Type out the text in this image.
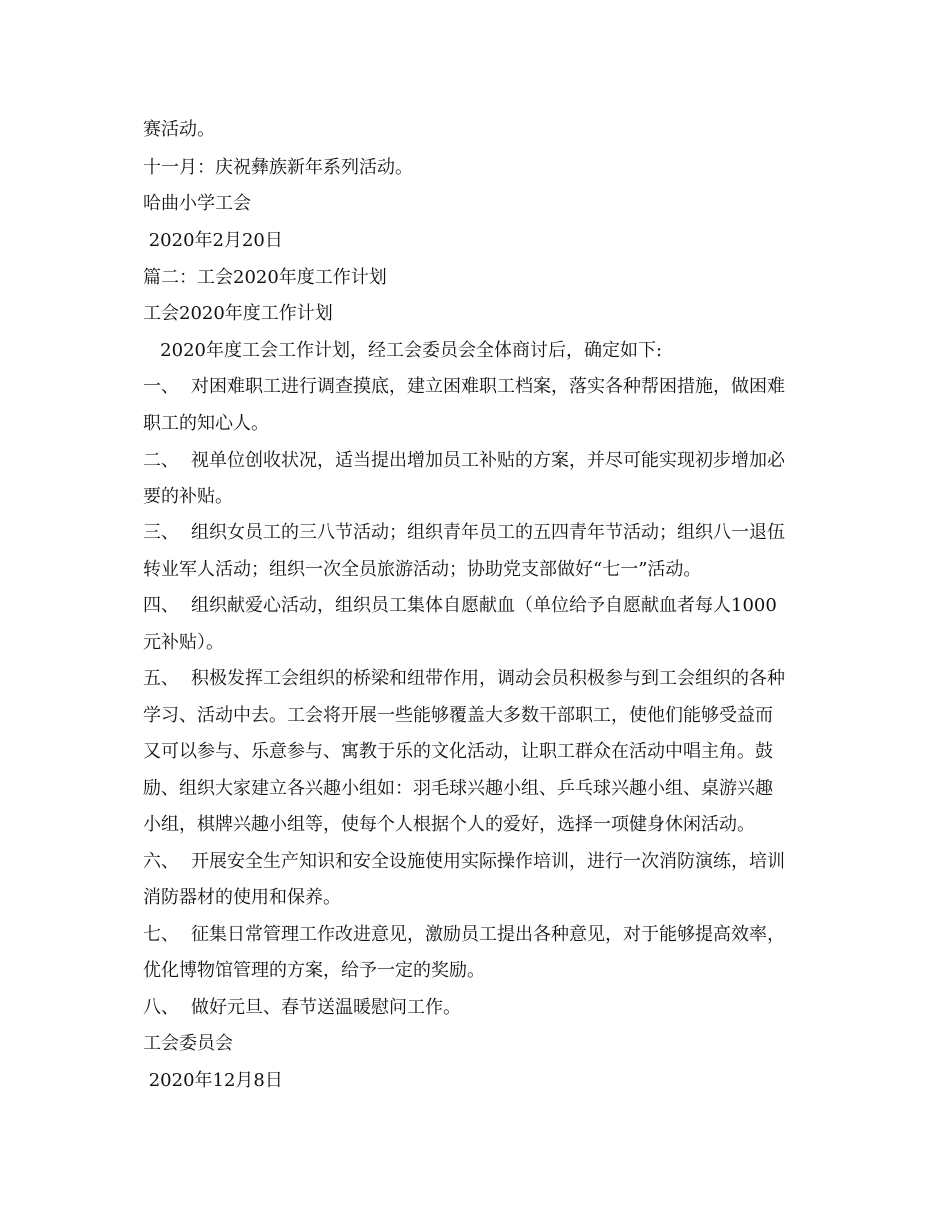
赛活动。
十一月：庆祝彝族新年系列活动。
哈曲小学工会
2020年2月20日
篇二：工会2020年度工作计划
工会2020年度工作计划
2020年度工会工作计划，经工会委员会全体商讨后，确定如下:
一、 对困难职工进行调查摸底，建立困难职工档案，落实各种帮困措施，做困难
职工的知心人。
二、 视单位创收状况，适当提出增加员工补贴的方案，并尽可能实现初步增加必
要的补贴。
三、 组织女员工的三八节活动；组织青年员工的五四青年节活动；组织八一退伍
转业军人活动；组织一次全员旅游活动；协助党支部做好“七一”活动。
四、 组织献爱心活动，组织员工集体自愿献血（单位给予自愿献血者每人1000
元补贴）。
五、 积极发挥工会组织的桥梁和纽带作用，调动会员积极参与到工会组织的各种
学习、活动中去。工会将开展一些能够覆盖大多数干部职工，使他们能够受益而
又可以参与、乐意参与、寓教于乐的文化活动，让职工群众在活动中唱主角。鼓
励、组织大家建立各兴趣小组如：羽毛球兴趣小组、乒乓球兴趣小组、桌游兴趣
小组，棋牌兴趣小组等，使每个人根据个人的爱好，选择一项健身休闲活动。
六、 开展安全生产知识和安全设施使用实际操作培训，进行一次消防演练，培训
消防器材的使用和保养。
七、 征集日常管理工作改进意见，激励员工提出各种意见，对于能够提高效率，
优化博物馆管理的方案，给予一定的奖励。
八、 做好元旦、春节送温暖慰问工作。
工会委员会
2020年12月8日
